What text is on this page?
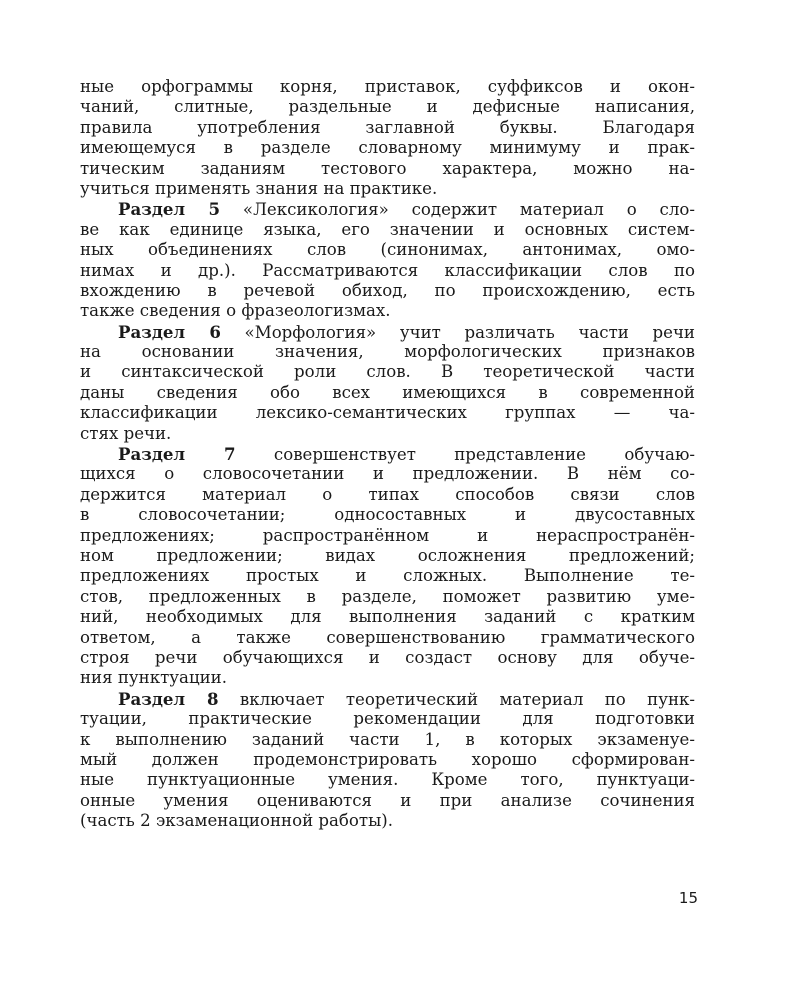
ные орфограммы корня, приставок, суффиксов и окон-
чаний, слитные, раздельные и дефисные написания,
правила употребления заглавной буквы. Благодаря
имеющемуся в разделе словарному минимуму и прак-
тическим заданиям тестового характера, можно на-
учиться применять знания на практике.
Раздел 5 «Лексикология» содержит материал о сло-
ве как единице языка, его значении и основных систем-
ных объединениях слов (синонимах, антонимах, омо-
нимах и др.). Рассматриваются классификации слов по
вхождению в речевой обиход, по происхождению, есть
также сведения о фразеологизмах.
Раздел 6 «Морфология» учит различать части речи
на основании значения, морфологических признаков
и синтаксической роли слов. В теоретической части
даны сведения обо всех имеющихся в современной
классификации лексико-семантических группах — ча-
стях речи.
Раздел 7 совершенствует представление обучаю-
щихся о словосочетании и предложении. В нём со-
держится материал о типах способов связи слов
в словосочетании; односоставных и двусоставных
предложениях; распространённом и нераспространён-
ном предложении; видах осложнения предложений;
предложениях простых и сложных. Выполнение те-
стов, предложенных в разделе, поможет развитию уме-
ний, необходимых для выполнения заданий с кратким
ответом, а также совершенствованию грамматического
строя речи обучающихся и создаст основу для обуче-
ния пунктуации.
Раздел 8 включает теоретический материал по пунк-
туации, практические рекомендации для подготовки
к выполнению заданий части 1, в которых экзаменуе-
мый должен продемонстрировать хорошо сформирован-
ные пунктуационные умения. Кроме того, пунктуаци-
онные умения оцениваются и при анализе сочинения
(часть 2 экзаменационной работы).
15
